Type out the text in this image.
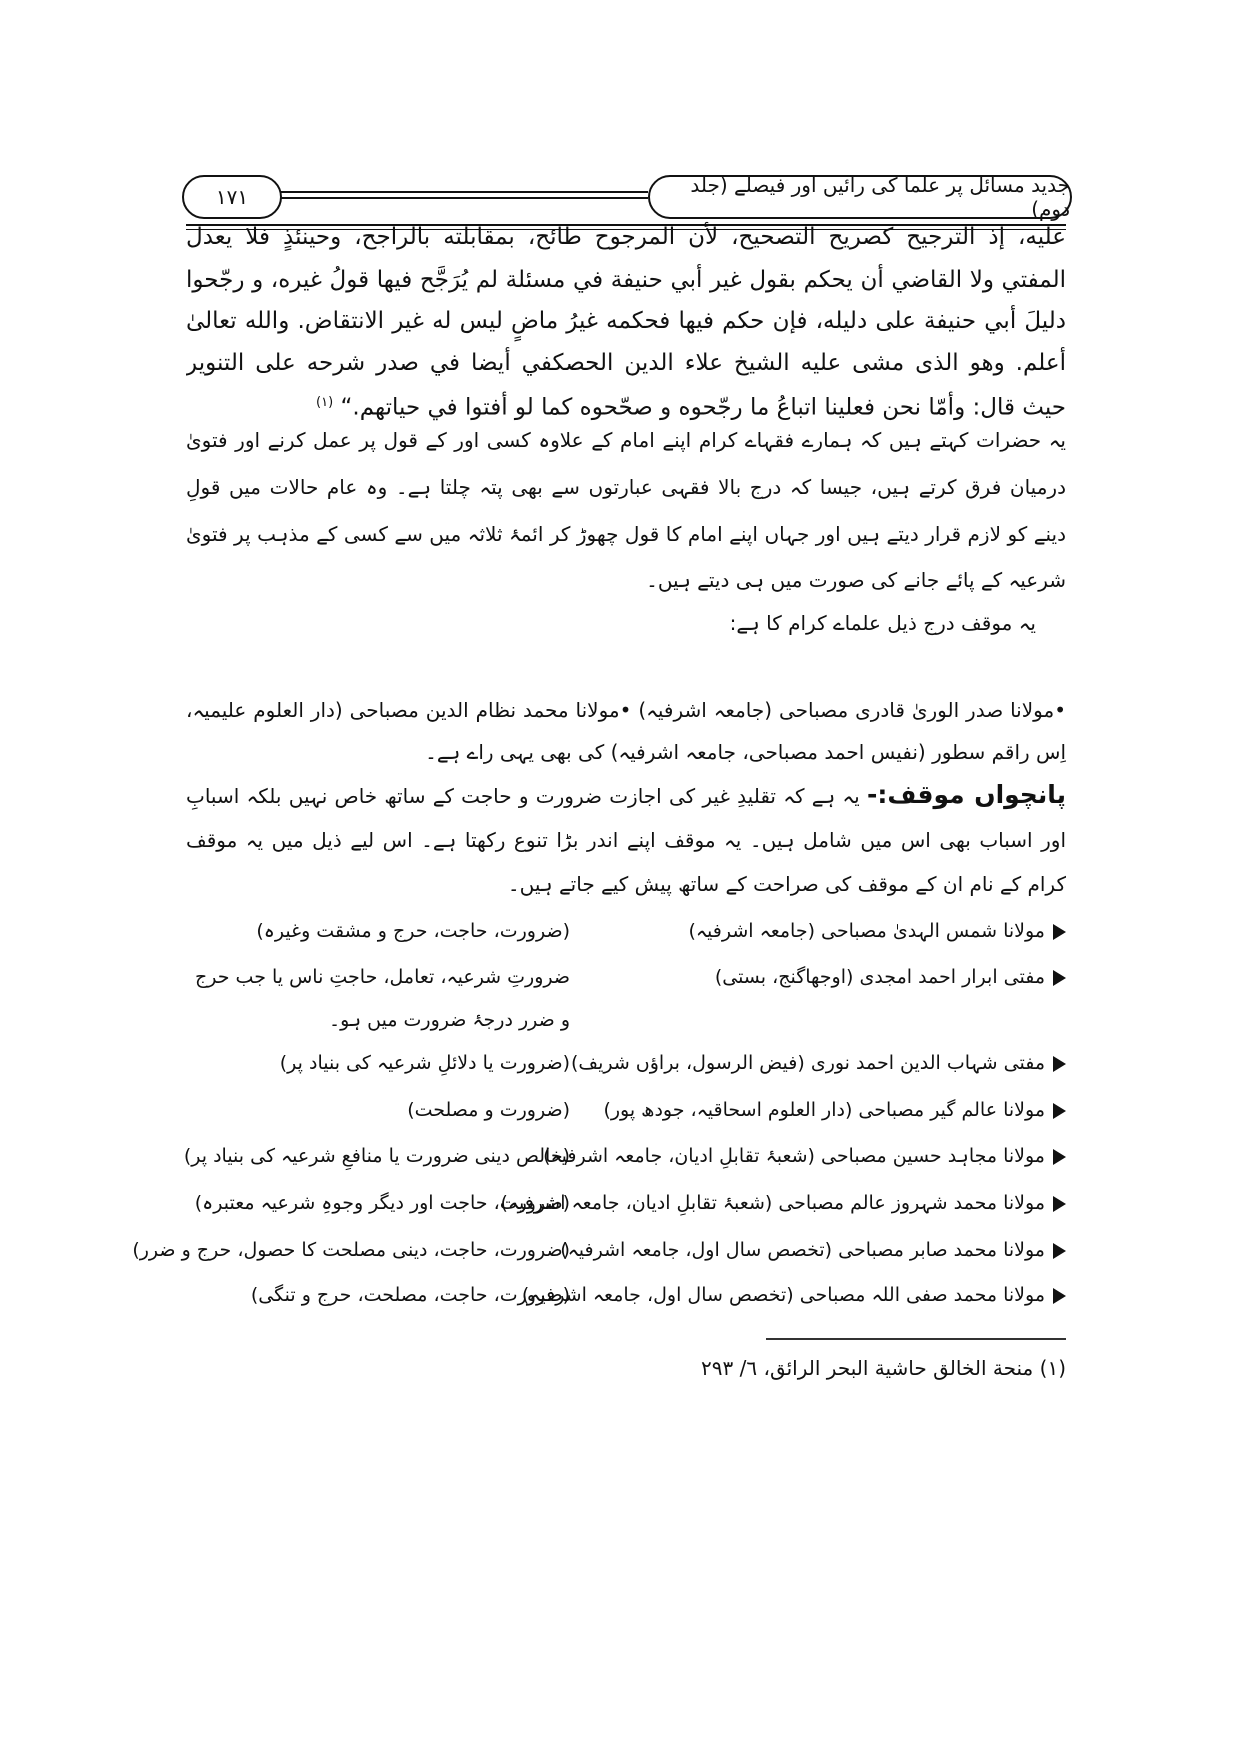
۱۷۱	جدید مسائل پر علما کی رائیں اور فیصلے (جلد دوم)
عليه، إذ الترجيح كصريح التصحيح، لأن المرجوح طائح، بمقابلته بالراجح، وحينئذٍ فلا يعدل
المفتي ولا القاضي أن يحكم بقول غير أبي حنيفة في مسئلة لم يُرَجَّح فيها قولُ غيره، و رجّحوا
دليلَ أبي حنيفة على دليله، فإن حكم فيها فحكمه غيرُ ماضٍ ليس له غير الانتقاض. والله تعالىٰ
أعلم. وهو الذى مشى عليه الشيخ علاء الدين الحصكفي أيضا في صدر شرحه على التنوير
حيث قال: وأمّا نحن فعلينا اتباعُ ما رجّحوه و صحّحوه كما لو أفتوا في حياتهم.“ $^{(۱)}$
یہ حضرات کہتے ہیں کہ ہمارے فقہاے کرام اپنے امام کے علاوہ کسی اور کے قول پر عمل کرنے اور فتویٰ
درمیان فرق کرتے ہیں، جیسا کہ درج بالا فقہی عبارتوں سے بھی پتہ چلتا ہے۔ وہ عام حالات میں قولِ
دینے کو لازم قرار دیتے ہیں اور جہاں اپنے امام کا قول چھوڑ کر ائمۂ ثلاثہ میں سے کسی کے مذہب پر فتویٰ
شرعیہ کے پائے جانے کی صورت میں ہی دیتے ہیں۔
یہ موقف درج ذیل علماے کرام کا ہے:
•مولانا صدر الوریٰ قادری مصباحی (جامعہ اشرفیہ) •مولانا محمد نظام الدین مصباحی (دار العلوم علیمیہ،
اِس راقم سطور (نفیس احمد مصباحی، جامعہ اشرفیہ) کی بھی یہی راے ہے۔
پانچواں موقف:- یہ ہے کہ تقلیدِ غیر کی اجازت ضرورت و حاجت کے ساتھ خاص نہیں بلکہ اسبابِ
اور اسباب بھی اس میں شامل ہیں۔ یہ موقف اپنے اندر بڑا تنوع رکھتا ہے۔ اس لیے ذیل میں یہ موقف
کرام کے نام ان کے موقف کی صراحت کے ساتھ پیش کیے جاتے ہیں۔
مولانا شمس الہدیٰ مصباحی (جامعہ اشرفیہ)
(ضرورت، حاجت، حرج و مشقت وغیرہ)
مفتی ابرار احمد امجدی (اوجھاگنج، بستی)
ضرورتِ شرعیہ، تعامل، حاجتِ ناس یا جب حرج
و ضرر درجۂ ضرورت میں ہو۔
مفتی شہاب الدین احمد نوری (فیض الرسول، براؤں شریف)
(ضرورت یا دلائلِ شرعیہ کی بنیاد پر)
مولانا عالم گیر مصباحی (دار العلوم اسحاقیہ، جودھ پور)
(ضرورت و مصلحت)
مولانا مجاہد حسین مصباحی (شعبۂ تقابلِ ادیان، جامعہ اشرفیہ)
(خالص دینی ضرورت یا منافعِ شرعیہ کی بنیاد پر)
مولانا محمد شہروز عالم مصباحی (شعبۂ تقابلِ ادیان، جامعہ اشرفیہ)
(ضرورت، حاجت اور دیگر وجوہِ شرعیہ معتبرہ)
مولانا محمد صابر مصباحی (تخصص سال اول، جامعہ اشرفیہ)
(ضرورت، حاجت، دینی مصلحت کا حصول، حرج و ضرر)
مولانا محمد صفی اللہ مصباحی (تخصص سال اول، جامعہ اشرفیہ)
(ضرورت، حاجت، مصلحت، حرج و تنگی)
(۱) منحة الخالق حاشية البحر الرائق، ٦/ ٢٩٣
